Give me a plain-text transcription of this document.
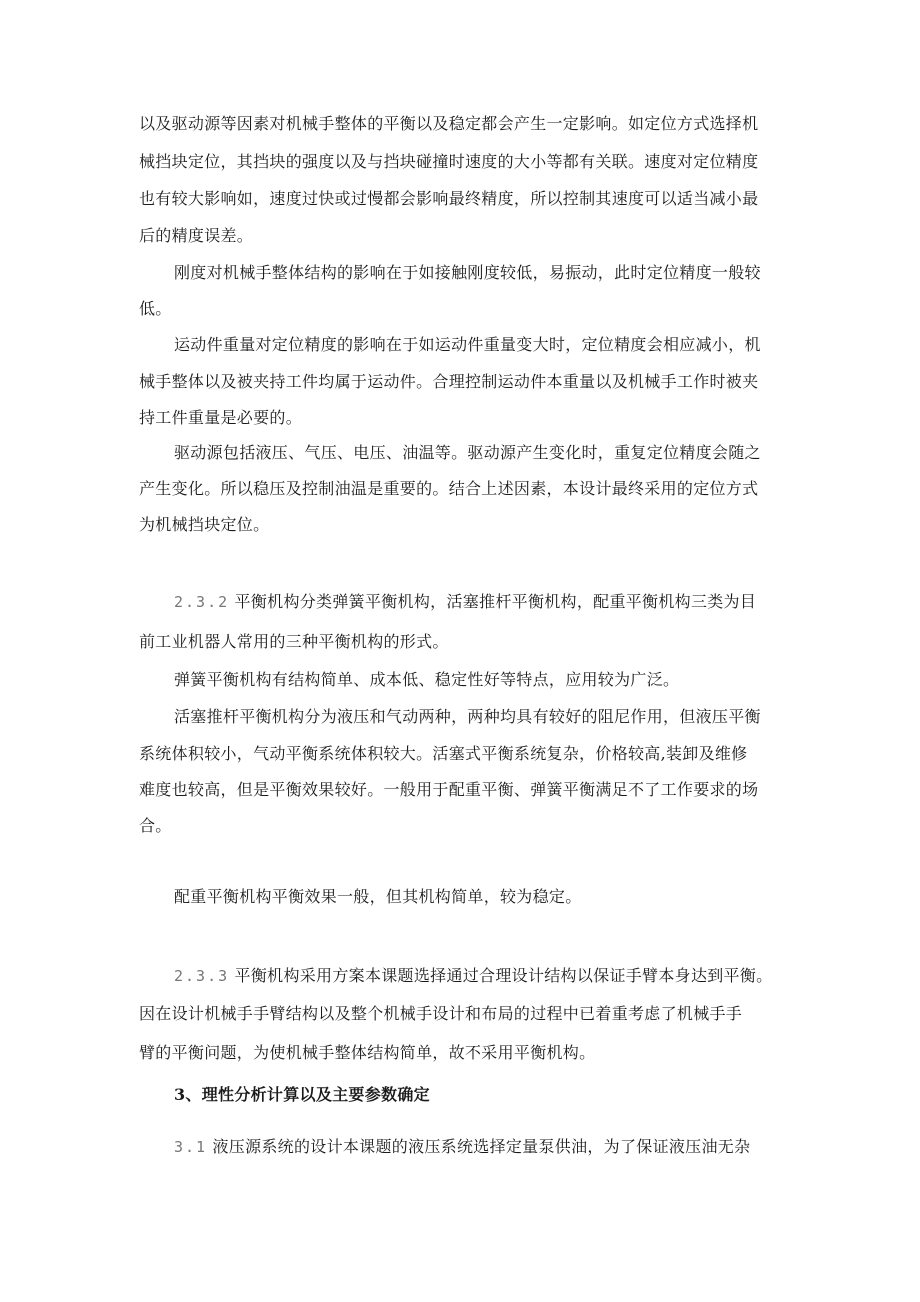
以及驱动源等因素对机械手整体的平衡以及稳定都会产生一定影响。如定位方式选择机
械挡块定位，其挡块的强度以及与挡块碰撞时速度的大小等都有关联。速度对定位精度
也有较大影响如，速度过快或过慢都会影响最终精度，所以控制其速度可以适当减小最
后的精度误差。
刚度对机械手整体结构的影响在于如接触刚度较低，易振动，此时定位精度一般较
低。
运动件重量对定位精度的影响在于如运动件重量变大时，定位精度会相应减小，机
械手整体以及被夹持工件均属于运动件。合理控制运动件本重量以及机械手工作时被夹
持工件重量是必要的。
驱动源包括液压、气压、电压、油温等。驱动源产生变化时，重复定位精度会随之
产生变化。所以稳压及控制油温是重要的。结合上述因素，本设计最终采用的定位方式
为机械挡块定位。
2.3.2 平衡机构分类弹簧平衡机构，活塞推杆平衡机构，配重平衡机构三类为目
前工业机器人常用的三种平衡机构的形式。
弹簧平衡机构有结构简单、成本低、稳定性好等特点，应用较为广泛。
活塞推杆平衡机构分为液压和气动两种，两种均具有较好的阻尼作用，但液压平衡
系统体积较小，气动平衡系统体积较大。活塞式平衡系统复杂，价格较高,装卸及维修
难度也较高，但是平衡效果较好。一般用于配重平衡、弹簧平衡满足不了工作要求的场
合。
配重平衡机构平衡效果一般，但其机构简单，较为稳定。
2.3.3 平衡机构采用方案本课题选择通过合理设计结构以保证手臂本身达到平衡。
因在设计机械手手臂结构以及整个机械手设计和布局的过程中已着重考虑了机械手手
臂的平衡问题，为使机械手整体结构简单，故不采用平衡机构。
3、理性分析计算以及主要参数确定
3.1 液压源系统的设计本课题的液压系统选择定量泵供油，为了保证液压油无杂
